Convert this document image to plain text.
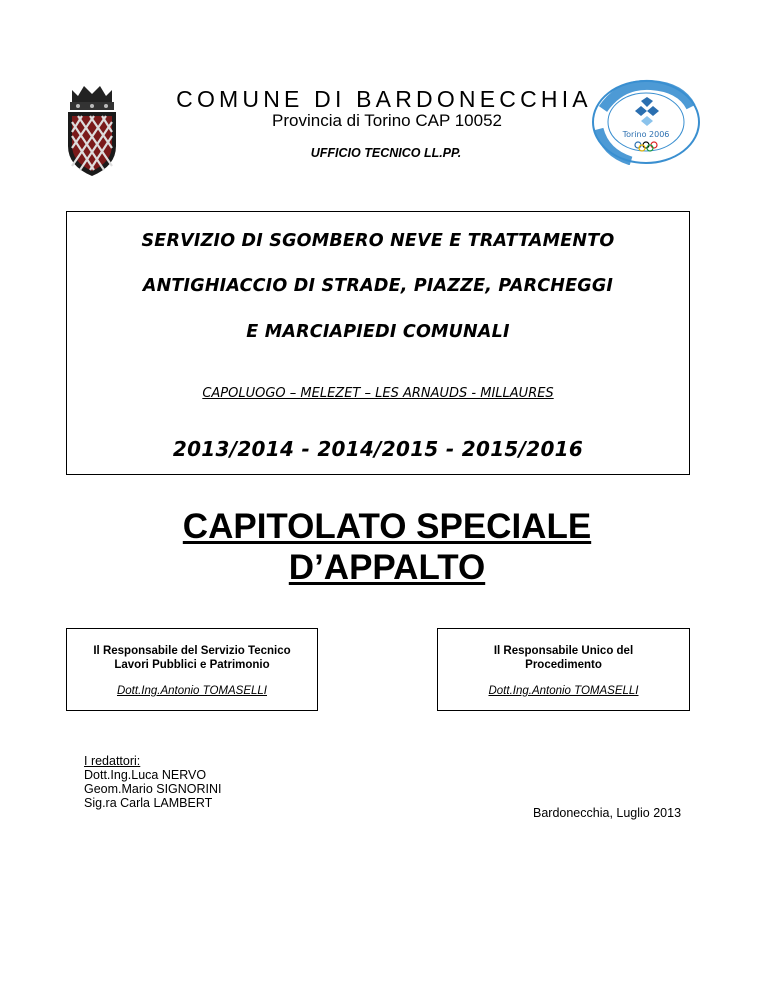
Torino 2006
COMUNE DI BARDONECCHIA
Provincia di Torino CAP 10052
UFFICIO TECNICO LL.PP.
SERVIZIO DI SGOMBERO NEVE E TRATTAMENTO
ANTIGHIACCIO DI STRADE, PIAZZE, PARCHEGGI
E MARCIAPIEDI COMUNALI
CAPOLUOGO – MELEZET – LES ARNAUDS - MILLAURES
2013/2014 - 2014/2015 - 2015/2016
CAPITOLATO SPECIALE
D’APPALTO
Il Responsabile del Servizio Tecnico
Lavori Pubblici e Patrimonio
Dott.Ing.Antonio TOMASELLI
Il Responsabile Unico del
Procedimento
Dott.Ing.Antonio TOMASELLI
I redattori:
Dott.Ing.Luca NERVO
Geom.Mario SIGNORINI
Sig.ra Carla LAMBERT
Bardonecchia, Luglio 2013
